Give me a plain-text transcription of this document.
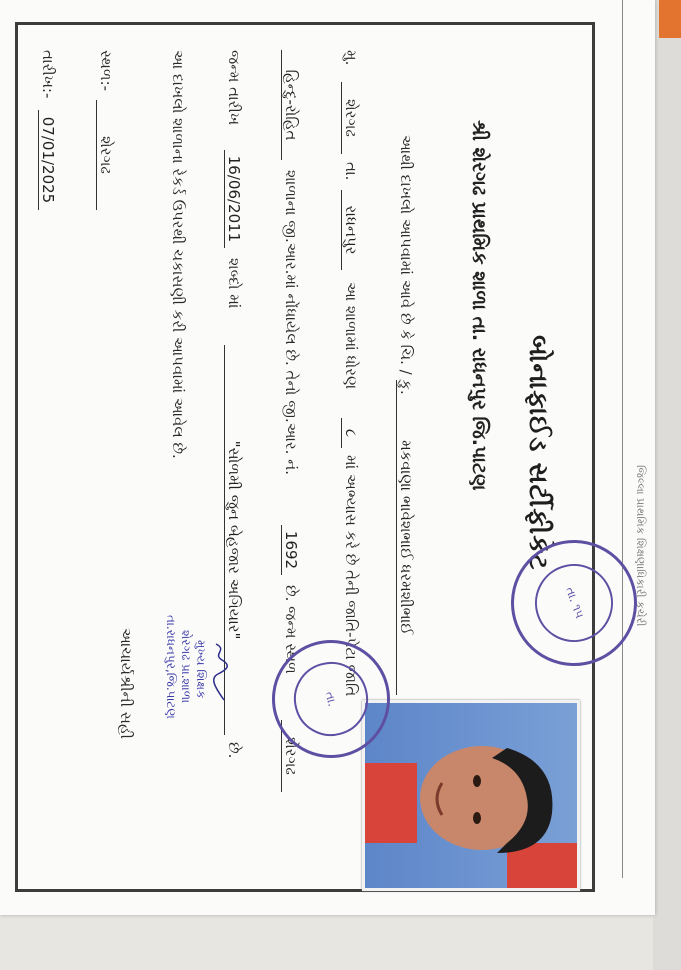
જિલ્લા પ્રાથમિક શિક્ષણાધિકારી કચેરી
બોનાફાઈડ સર્ટીફીકેટ
શ્રી શેરગઢ પ્રાથમિક શાળા તા. રાધનપુર જિ.પાટણ
આથી દાખલો આપવામાં આવે છે કે ચિ. / કુ.
મકવાણા ભાવેશભાઈ ધરમશીભાઈ
મુ.
શેરગઢ
તા.
રાધનપુર
આ શાળામાં ધોરણ
૮
માં અભ્યાસ કરે છે તેની જાતિ-પેટા જાતિ
હિન્દુ-રોહિત
શાળાના જી.આર.માં નોંધાયેલ છે. તેનો જી.આર. નં.
1692
છે. જન્મ સ્થળ
શેરગઢ
જન્મ તારીખ
16/06/2011
શબ્દો માં
"સોળમી જુન બેહજાર અગિયાર"
છે.
આ દાખલો શાળાના રેકર્ડ ઉપરથી ચકાસણી કરી આપવામાં આવેલ છે.
સ્થળ:-
શેરગઢ
તારીખ:-
07/01/2025
મુખ્ય શિક્ષક
શેરગઢ પ્રા.શાળા
તા.રાધનપુર,જિ.પાટણ
આચાર્યશ્રીની સહી
તા. ૧૫
તા.
